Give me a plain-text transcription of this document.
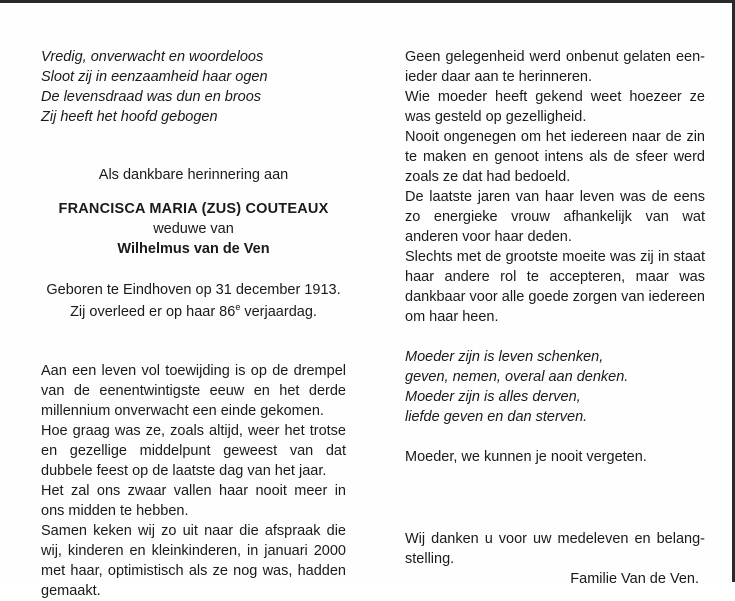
Vredig, onverwacht en woordeloos
Sloot zij in eenzaamheid haar ogen
De levensdraad was dun en broos
Zij heeft het hoofd gebogen
Als dankbare herinnering aan
FRANCISCA MARIA (ZUS) COUTEAUX
weduwe van
Wilhelmus van de Ven
Geboren te Eindhoven op 31 december 1913.
Zij overleed er op haar 86e verjaardag.
Aan een leven vol toewijding is op de drempel
van de eenentwintigste eeuw en het derde
millennium onverwacht een einde gekomen.
Hoe graag was ze, zoals altijd, weer het trotse
en gezellige middelpunt geweest van dat
dubbele feest op de laatste dag van het jaar.
Het zal ons zwaar vallen haar nooit meer in
ons midden te hebben.
Samen keken wij zo uit naar die afspraak die
wij, kinderen en kleinkinderen, in januari 2000
met haar, optimistisch als ze nog was, hadden
gemaakt.
Geen gelegenheid werd onbenut gelaten een-
ieder daar aan te herinneren.
Wie moeder heeft gekend weet hoezeer ze
was gesteld op gezelligheid.
Nooit ongenegen om het iedereen naar de zin
te maken en genoot intens als de sfeer werd
zoals ze dat had bedoeld.
De laatste jaren van haar leven was de eens
zo energieke vrouw afhankelijk van wat
anderen voor haar deden.
Slechts met de grootste moeite was zij in staat
haar andere rol te accepteren, maar was
dankbaar voor alle goede zorgen van iedereen
om haar heen.
Moeder zijn is leven schenken,
geven, nemen, overal aan denken.
Moeder zijn is alles derven,
liefde geven en dan sterven.
Moeder, we kunnen je nooit vergeten.
Wij danken u voor uw medeleven en belang-
stelling.
Familie Van de Ven.
